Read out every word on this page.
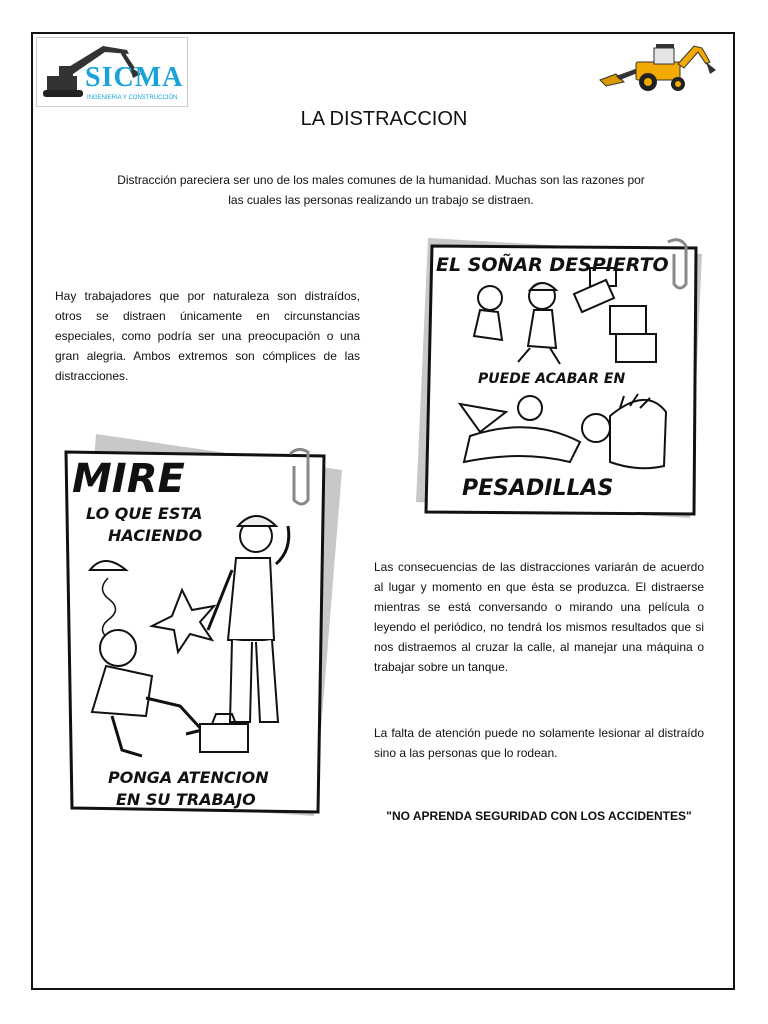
SICMA
INGENIERÍA Y CONSTRUCCIÓN
LA DISTRACCION
Distracción pareciera ser uno de los males comunes de la humanidad. Muchas son las razones por las cuales las personas realizando un trabajo se distraen.
Hay trabajadores que por naturaleza son distraídos, otros se distraen únicamente en circunstancias especiales, como podría ser una preocupación o una gran alegria. Ambos extremos son cómplices de las distracciones.
EL SOÑAR DESPIERTO
PUEDE ACABAR EN
PESADILLAS
MIRE
LO QUE ESTA
HACIENDO
PONGA ATENCION
EN SU TRABAJO
Las consecuencias de las distracciones variarán de acuerdo al lugar y momento en que ésta se produzca. El distraerse mientras se está conversando o mirando una película o leyendo el periódico, no tendrá los mismos resultados que si nos distraemos al cruzar la calle, al manejar una máquina o trabajar sobre un tanque.
La falta de atención puede no solamente lesionar al distraído sino a las personas que lo rodean.
"NO APRENDA SEGURIDAD CON LOS ACCIDENTES"
